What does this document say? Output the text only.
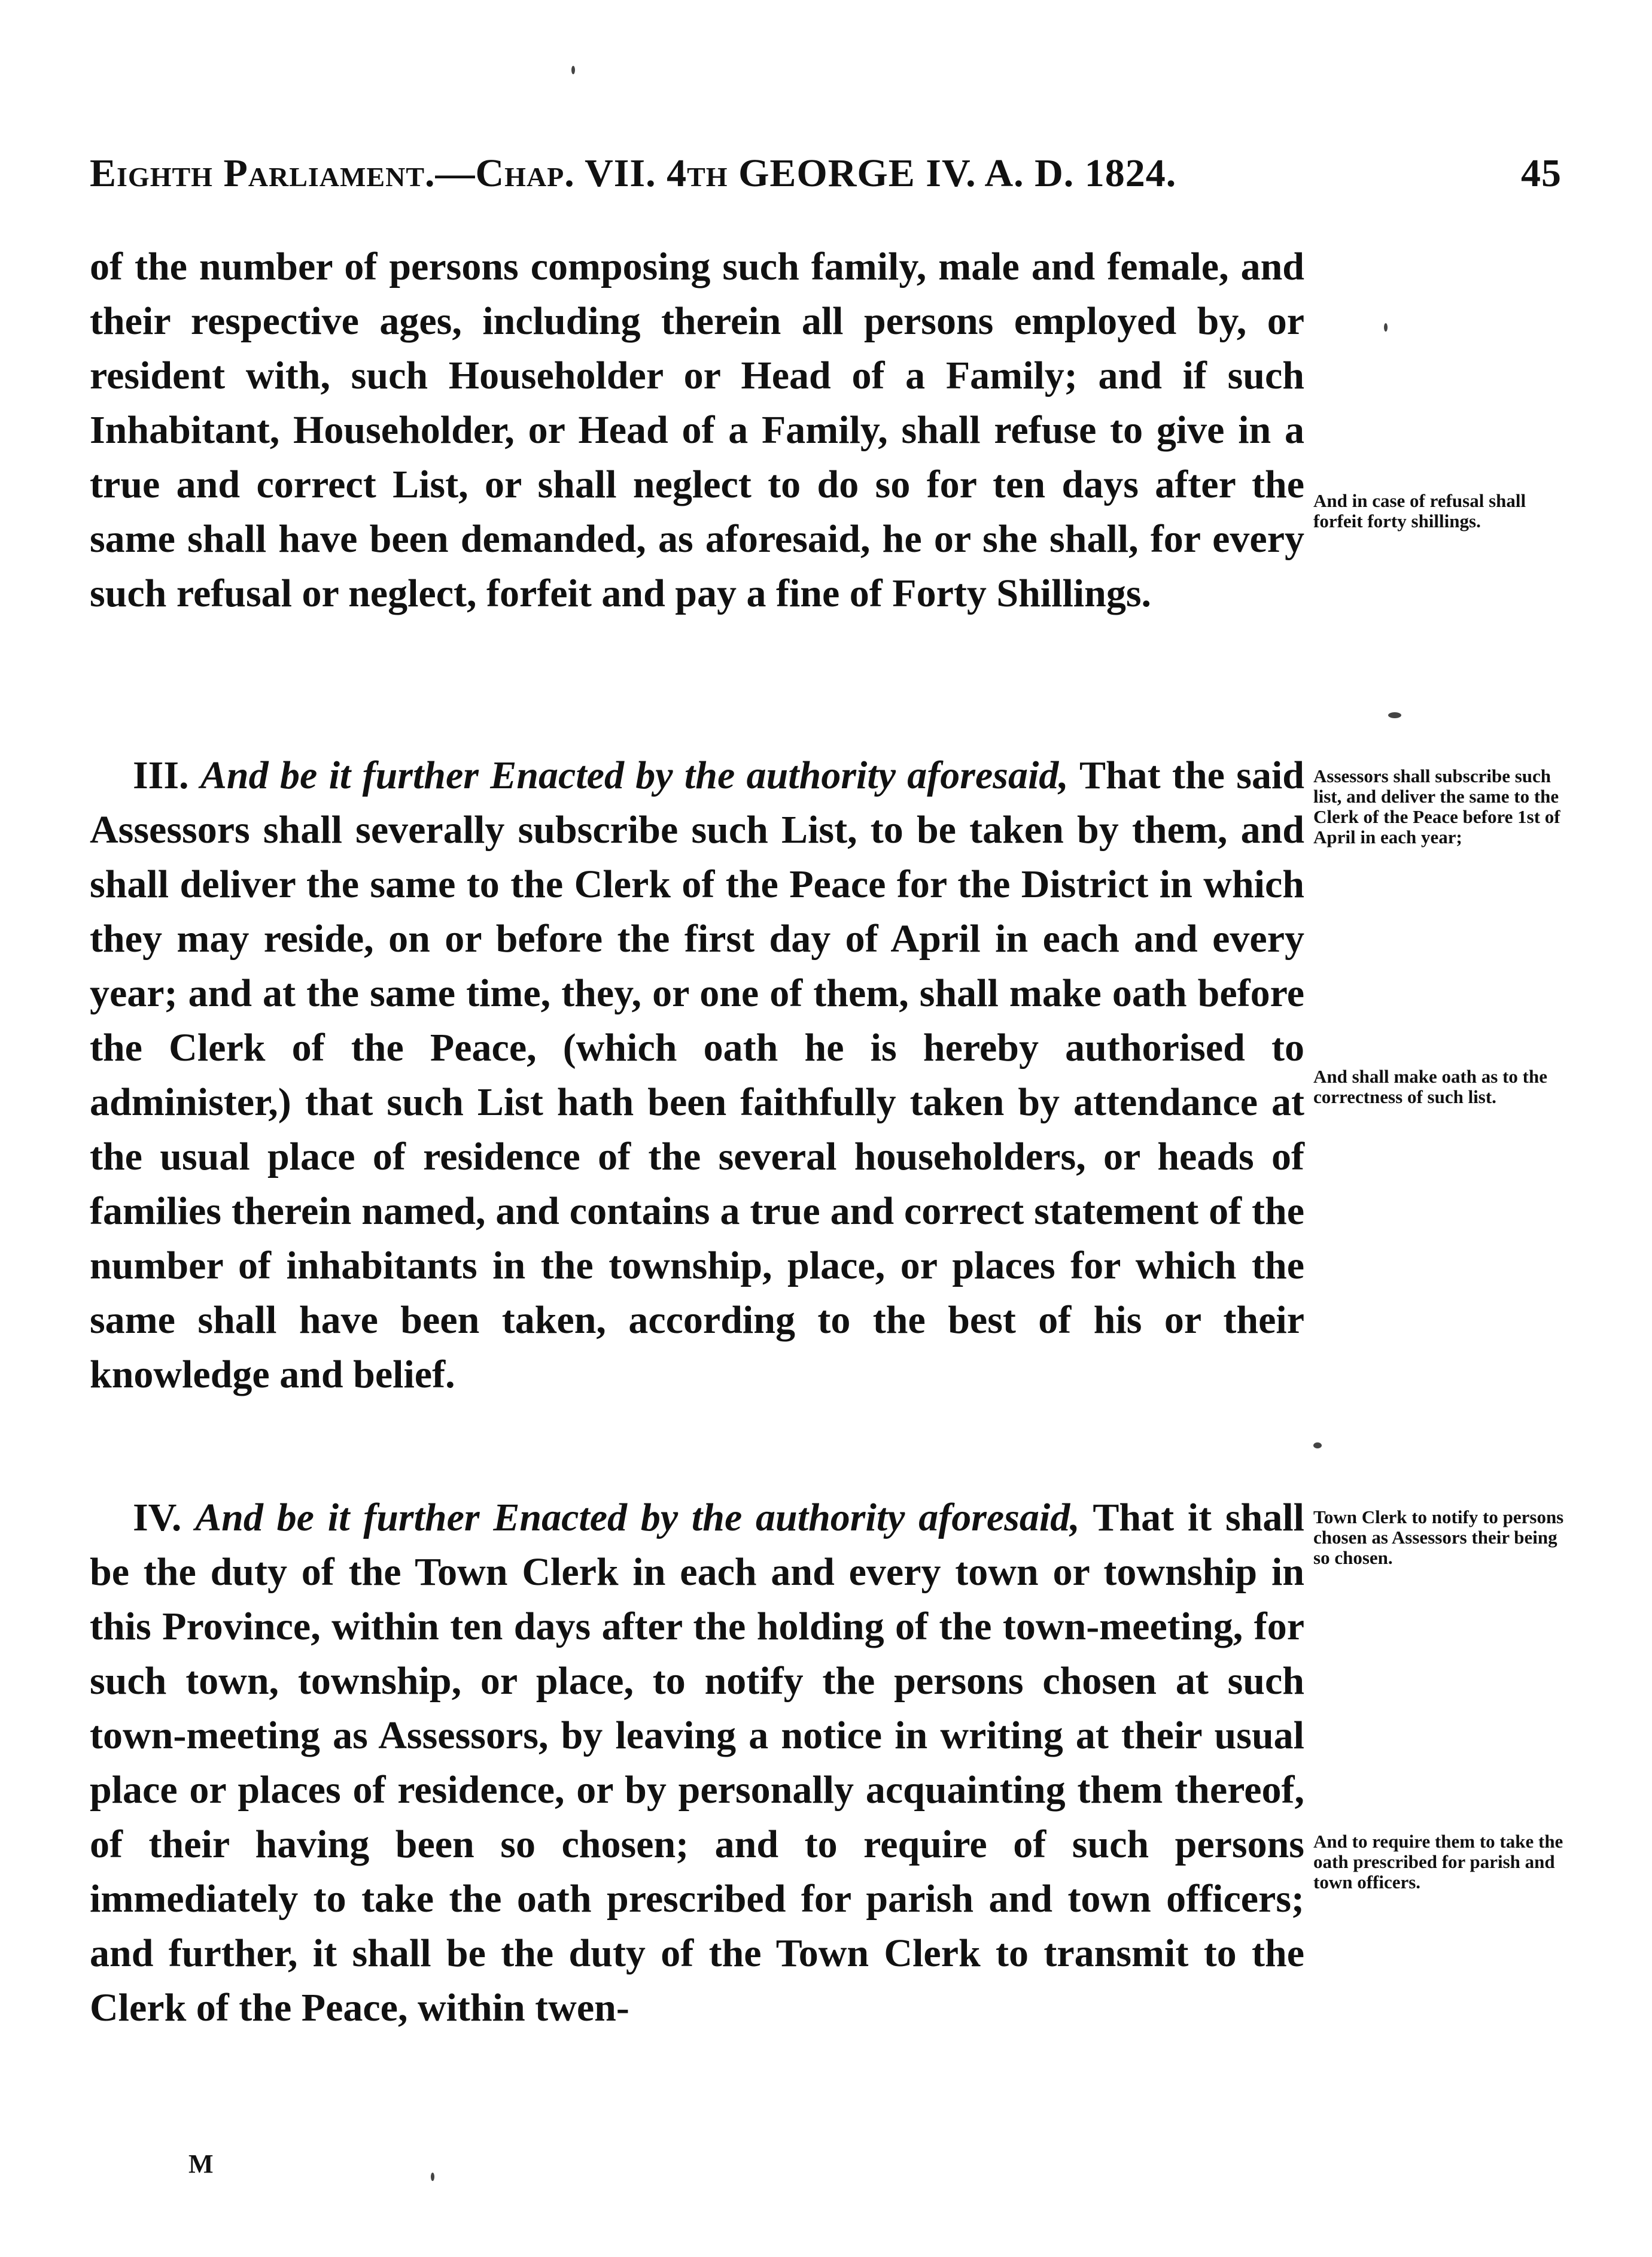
Eighth Parliament.—Chap. VII. 4th GEORGE IV. A. D. 1824.	45

of the number of persons composing such family, male and female, and their respective ages, including therein all persons employed by, or resident with, such Householder or Head of a Family; and if such Inhabitant, Householder, or Head of a Family, shall refuse to give in a true and correct List, or shall neglect to do so for ten days after the same shall have been demanded, as aforesaid, he or she shall, for every such refusal or neglect, forfeit and pay a fine of Forty Shillings.

III. And be it further Enacted by the authority aforesaid, That the said Assessors shall severally subscribe such List, to be taken by them, and shall deliver the same to the Clerk of the Peace for the District in which they may reside, on or before the first day of April in each and every year; and at the same time, they, or one of them, shall make oath before the Clerk of the Peace, (which oath he is hereby authorised to administer,) that such List hath been faithfully taken by attendance at the usual place of residence of the several householders, or heads of families therein named, and contains a true and correct statement of the number of inhabitants in the township, place, or places for which the same shall have been taken, according to the best of his or their knowledge and belief.

IV. And be it further Enacted by the authority aforesaid, That it shall be the duty of the Town Clerk in each and every town or township in this Province, within ten days after the holding of the town-meeting, for such town, township, or place, to notify the persons chosen at such town-meeting as Assessors, by leaving a notice in writing at their usual place or places of residence, or by personally acquainting them thereof, of their having been so chosen; and to require of such persons immediately to take the oath prescribed for parish and town officers; and further, it shall be the duty of the Town Clerk to transmit to the Clerk of the Peace, within twen-

And in case of refusal shall forfeit forty shillings.
Assessors shall subscribe such list, and deliver the same to the Clerk of the Peace before 1st of April in each year;
And shall make oath as to the correctness of such list.
Town Clerk to notify to persons chosen as Assessors their being so chosen.
And to require them to take the oath prescribed for parish and town officers.
M
